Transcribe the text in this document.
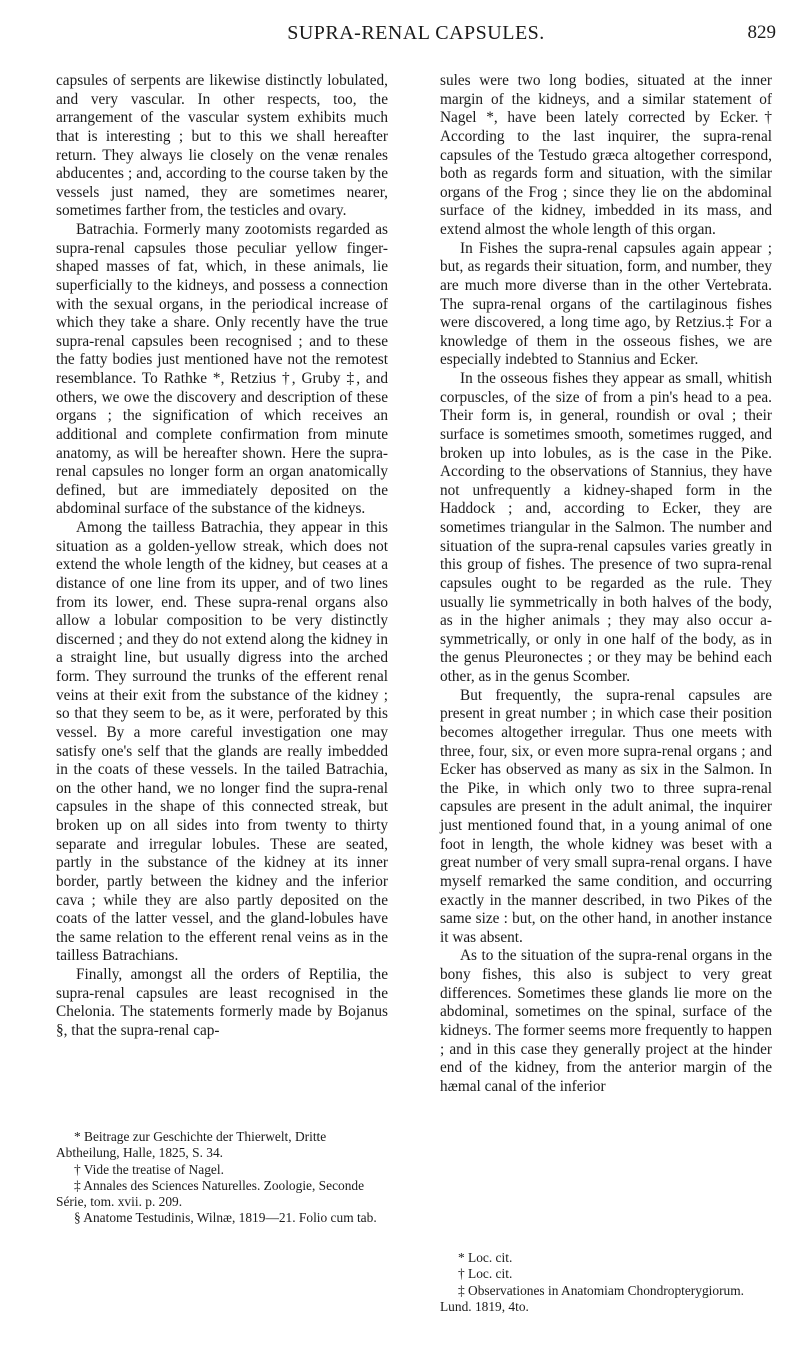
SUPRA-RENAL CAPSULES.	829

capsules of serpents are likewise distinctly lobulated, and very vascular. In other respects, too, the arrangement of the vascular system exhibits much that is interesting ; but to this we shall hereafter return. They always lie closely on the venæ renales abducentes ; and, according to the course taken by the vessels just named, they are sometimes nearer, sometimes farther from, the testicles and ovary.

Batrachia. Formerly many zootomists regarded as supra-renal capsules those peculiar yellow finger-shaped masses of fat, which, in these animals, lie superficially to the kidneys, and possess a connection with the sexual organs, in the periodical increase of which they take a share. Only recently have the true supra-renal capsules been recognised ; and to these the fatty bodies just mentioned have not the remotest resemblance. To Rathke *, Retzius †, Gruby ‡, and others, we owe the discovery and description of these organs ; the signification of which receives an additional and complete confirmation from minute anatomy, as will be hereafter shown. Here the supra-renal capsules no longer form an organ anatomically defined, but are immediately deposited on the abdominal surface of the substance of the kidneys.

Among the tailless Batrachia, they appear in this situation as a golden-yellow streak, which does not extend the whole length of the kidney, but ceases at a distance of one line from its upper, and of two lines from its lower, end. These supra-renal organs also allow a lobular composition to be very distinctly discerned ; and they do not extend along the kidney in a straight line, but usually digress into the arched form. They surround the trunks of the efferent renal veins at their exit from the substance of the kidney ; so that they seem to be, as it were, perforated by this vessel. By a more careful investigation one may satisfy one's self that the glands are really imbedded in the coats of these vessels. In the tailed Batrachia, on the other hand, we no longer find the supra-renal capsules in the shape of this connected streak, but broken up on all sides into from twenty to thirty separate and irregular lobules. These are seated, partly in the substance of the kidney at its inner border, partly between the kidney and the inferior cava ; while they are also partly deposited on the coats of the latter vessel, and the gland-lobules have the same relation to the efferent renal veins as in the tailless Batrachians.

Finally, amongst all the orders of Reptilia, the supra-renal capsules are least recognised in the Chelonia. The statements formerly made by Bojanus §, that the supra-renal cap-

* Beitrage zur Geschichte der Thierwelt, Dritte Abtheilung, Halle, 1825, S. 34.

† Vide the treatise of Nagel.

‡ Annales des Sciences Naturelles. Zoologie, Seconde Série, tom. xvii. p. 209.

§ Anatome Testudinis, Wilnæ, 1819—21. Folio cum tab.

sules were two long bodies, situated at the inner margin of the kidneys, and a similar statement of Nagel *, have been lately corrected by Ecker.† According to the last inquirer, the supra-renal capsules of the Testudo græca altogether correspond, both as regards form and situation, with the similar organs of the Frog ; since they lie on the abdominal surface of the kidney, imbedded in its mass, and extend almost the whole length of this organ.

In Fishes the supra-renal capsules again appear ; but, as regards their situation, form, and number, they are much more diverse than in the other Vertebrata. The supra-renal organs of the cartilaginous fishes were discovered, a long time ago, by Retzius.‡ For a knowledge of them in the osseous fishes, we are especially indebted to Stannius and Ecker.

In the osseous fishes they appear as small, whitish corpuscles, of the size of from a pin's head to a pea. Their form is, in general, roundish or oval ; their surface is sometimes smooth, sometimes rugged, and broken up into lobules, as is the case in the Pike. According to the observations of Stannius, they have not unfrequently a kidney-shaped form in the Haddock ; and, according to Ecker, they are sometimes triangular in the Salmon. The number and situation of the supra-renal capsules varies greatly in this group of fishes. The presence of two supra-renal capsules ought to be regarded as the rule. They usually lie symmetrically in both halves of the body, as in the higher animals ; they may also occur a-symmetrically, or only in one half of the body, as in the genus Pleuronectes ; or they may be behind each other, as in the genus Scomber.

But frequently, the supra-renal capsules are present in great number ; in which case their position becomes altogether irregular. Thus one meets with three, four, six, or even more supra-renal organs ; and Ecker has observed as many as six in the Salmon. In the Pike, in which only two to three supra-renal capsules are present in the adult animal, the inquirer just mentioned found that, in a young animal of one foot in length, the whole kidney was beset with a great number of very small supra-renal organs. I have myself remarked the same condition, and occurring exactly in the manner described, in two Pikes of the same size : but, on the other hand, in another instance it was absent.

As to the situation of the supra-renal organs in the bony fishes, this also is subject to very great differences. Sometimes these glands lie more on the abdominal, sometimes on the spinal, surface of the kidneys. The former seems more frequently to happen ; and in this case they generally project at the hinder end of the kidney, from the anterior margin of the hæmal canal of the inferior

* Loc. cit.

† Loc. cit.

‡ Observationes in Anatomiam Chondropterygiorum. Lund. 1819, 4to.
